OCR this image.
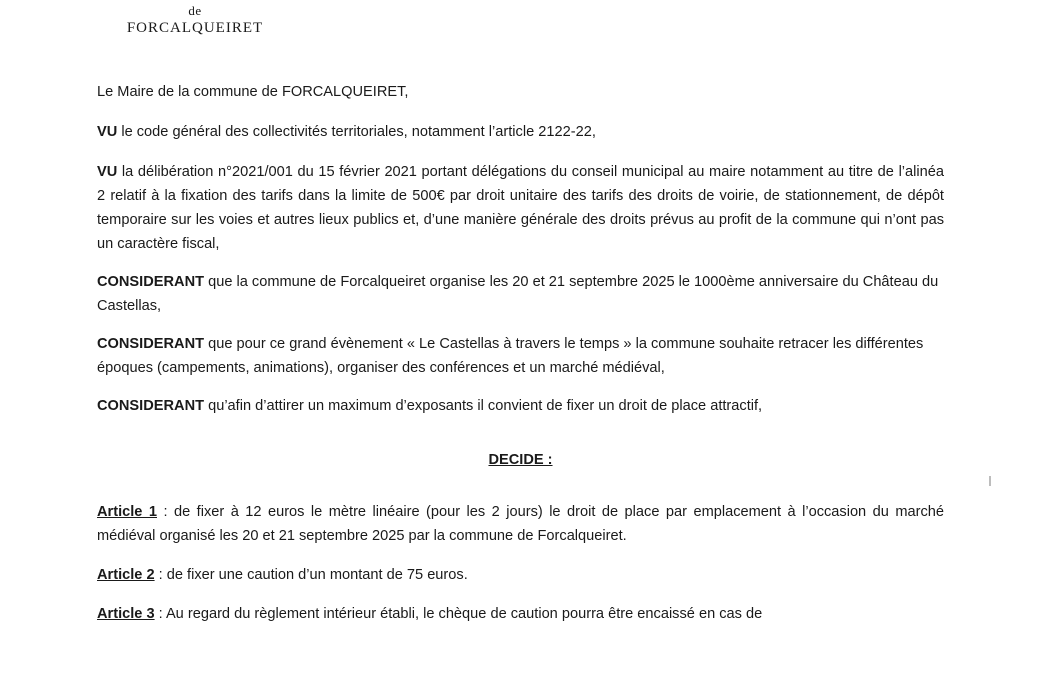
de
FORCALQUEIRET

Le Maire de la commune de FORCALQUEIRET,

VU le code général des collectivités territoriales, notamment l’article 2122-22,

VU la délibération n°2021/001 du 15 février 2021 portant délégations du conseil municipal au maire notamment au titre de l’alinéa 2 relatif à la fixation des tarifs dans la limite de 500€ par droit unitaire des tarifs des droits de voirie, de stationnement, de dépôt temporaire sur les voies et autres lieux publics et, d’une manière générale des droits prévus au profit de la commune qui n’ont pas un caractère fiscal,

CONSIDERANT que la commune de Forcalqueiret organise les 20 et 21 septembre 2025 le 1000ème anniversaire du Château du Castellas,

CONSIDERANT que pour ce grand évènement « Le Castellas à travers le temps » la commune souhaite retracer les différentes époques (campements, animations), organiser des conférences et un marché médiéval,

CONSIDERANT qu’afin d’attirer un maximum d’exposants il convient de fixer un droit de place attractif,

DECIDE :

Article 1 : de fixer à 12 euros le mètre linéaire (pour les 2 jours) le droit de place par emplacement à l’occasion du marché médiéval organisé les 20 et 21 septembre 2025 par la commune de Forcalqueiret.

Article 2 : de fixer une caution d’un montant de 75 euros.

Article 3 : Au regard du règlement intérieur établi, le chèque de caution pourra être encaissé en cas de
